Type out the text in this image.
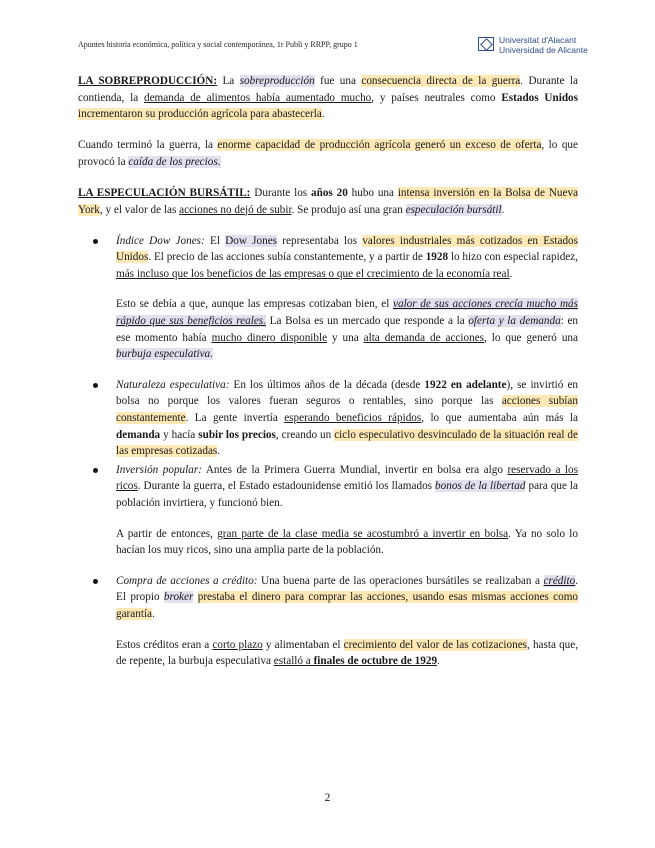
Apuntes historia económica, política y social contemporánea, 1r Publi y RRPP, grupo 1	Universitat d'Alacant
Universidad de Alicante

LA SOBREPRODUCCIÓN: La sobreproducción fue una consecuencia directa de la guerra. Durante la contienda, la demanda de alimentos había aumentado mucho, y países neutrales como Estados Unidos incrementaron su producción agrícola para abastecerla.

Cuando terminó la guerra, la enorme capacidad de producción agrícola generó un exceso de oferta, lo que provocó la caída de los precios.

LA ESPECULACIÓN BURSÁTIL: Durante los años 20 hubo una intensa inversión en la Bolsa de Nueva York, y el valor de las acciones no dejó de subir. Se produjo así una gran especulación bursátil.

Índice Dow Jones: El Dow Jones representaba los valores industriales más cotizados en Estados Unidos. El precio de las acciones subía constantemente, y a partir de 1928 lo hizo con especial rapidez, más incluso que los beneficios de las empresas o que el crecimiento de la economía real.

Esto se debía a que, aunque las empresas cotizaban bien, el valor de sus acciones crecía mucho más rápido que sus beneficios reales. La Bolsa es un mercado que responde a la oferta y la demanda: en ese momento había mucho dinero disponible y una alta demanda de acciones, lo que generó una burbuja especulativa.

Naturaleza especulativa: En los últimos años de la década (desde 1922 en adelante), se invirtió en bolsa no porque los valores fueran seguros o rentables, sino porque las acciones subían constantemente. La gente invertía esperando beneficios rápidos, lo que aumentaba aún más la demanda y hacía subir los precios, creando un ciclo especulativo desvinculado de la situación real de las empresas cotizadas.
Inversión popular: Antes de la Primera Guerra Mundial, invertir en bolsa era algo reservado a los ricos. Durante la guerra, el Estado estadounidense emitió los llamados bonos de la libertad para que la población invirtiera, y funcionó bien.

A partir de entonces, gran parte de la clase media se acostumbró a invertir en bolsa. Ya no solo lo hacían los muy ricos, sino una amplia parte de la población.

Compra de acciones a crédito: Una buena parte de las operaciones bursátiles se realizaban a crédito. El propio broker prestaba el dinero para comprar las acciones, usando esas mismas acciones como garantía.

Estos créditos eran a corto plazo y alimentaban el crecimiento del valor de las cotizaciones, hasta que, de repente, la burbuja especulativa estalló a finales de octubre de 1929.

2
